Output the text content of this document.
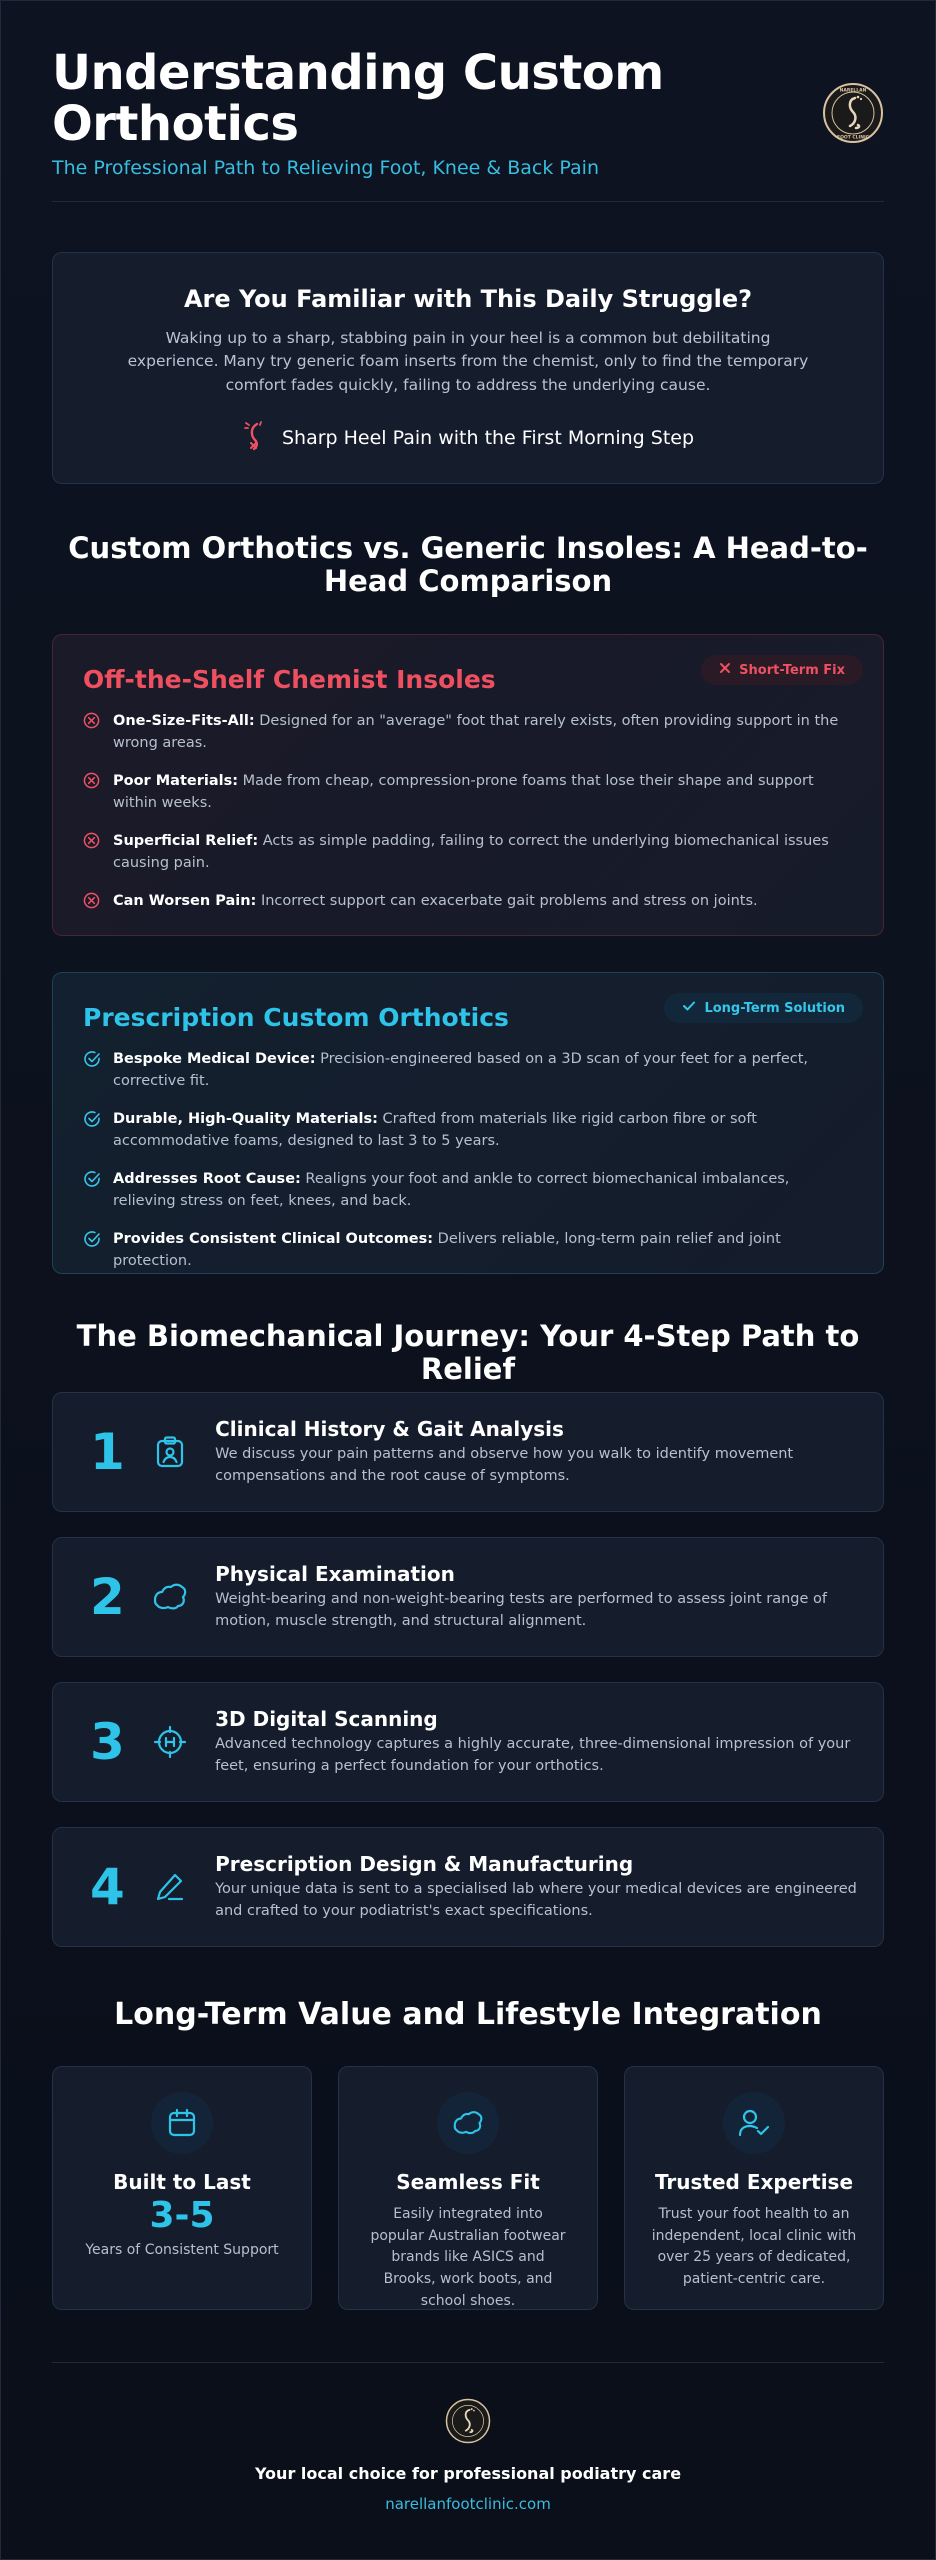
Understanding Custom Orthotics
The Professional Path to Relieving Foot, Knee & Back Pain
NARELLAN
FOOT CLINIC
Are You Familiar with This Daily Struggle?

Waking up to a sharp, stabbing pain in your heel is a common but debilitating experience. Many try generic foam inserts from the chemist, only to find the temporary comfort fades quickly, failing to address the underlying cause.

Sharp Heel Pain with the First Morning Step
Custom Orthotics vs. Generic Insoles: A Head-to-Head Comparison
Off-the-Shelf Chemist Insoles	Short-Term Fix
One-Size-Fits-All: Designed for an "average" foot that rarely exists, often providing support in the wrong areas.
Poor Materials: Made from cheap, compression-prone foams that lose their shape and support within weeks.
Superficial Relief: Acts as simple padding, failing to correct the underlying biomechanical issues causing pain.
Can Worsen Pain: Incorrect support can exacerbate gait problems and stress on joints.
Prescription Custom Orthotics	Long-Term Solution
Bespoke Medical Device: Precision-engineered based on a 3D scan of your feet for a perfect, corrective fit.
Durable, High-Quality Materials: Crafted from materials like rigid carbon fibre or soft accommodative foams, designed to last 3 to 5 years.
Addresses Root Cause: Realigns your foot and ankle to correct biomechanical imbalances, relieving stress on feet, knees, and back.
Provides Consistent Clinical Outcomes: Delivers reliable, long-term pain relief and joint protection.
The Biomechanical Journey: Your 4-Step Path to Relief
1	Clinical History & Gait Analysis

We discuss your pain patterns and observe how you walk to identify movement compensations and the root cause of symptoms.

2	Physical Examination

Weight-bearing and non-weight-bearing tests are performed to assess joint range of motion, muscle strength, and structural alignment.

3	3D Digital Scanning

Advanced technology captures a highly accurate, three-dimensional impression of your feet, ensuring a perfect foundation for your orthotics.

4	Prescription Design & Manufacturing

Your unique data is sent to a specialised lab where your medical devices are engineered and crafted to your podiatrist's exact specifications.

Long-Term Value and Lifestyle Integration
Built to Last
3-5
Years of Consistent Support
Seamless Fit
Easily integrated into popular Australian footwear brands like ASICS and Brooks, work boots, and school shoes.
Trusted Expertise
Trust your foot health to an independent, local clinic with over 25 years of dedicated, patient-centric care.
Your local choice for professional podiatry care
narellanfootclinic.com
